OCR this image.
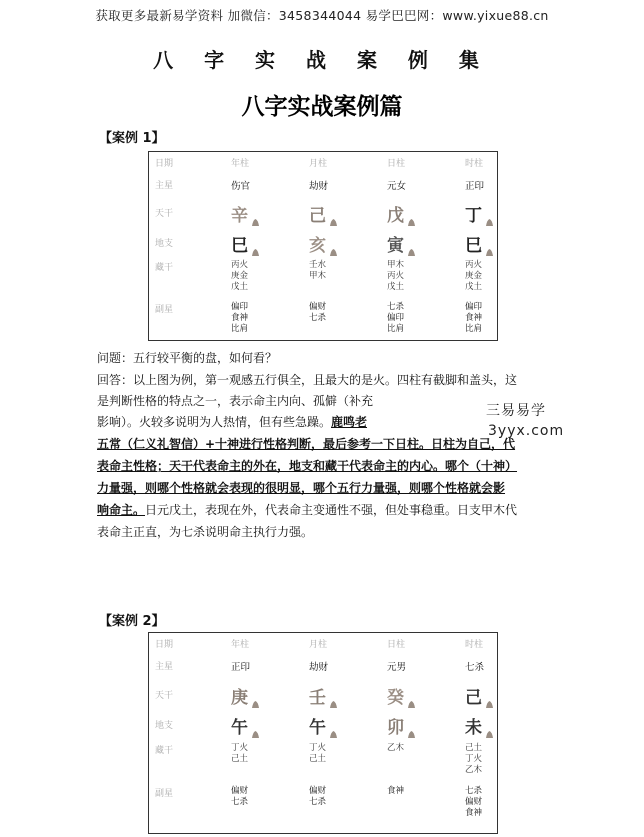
获取更多最新易学资料 加微信：3458344044 易学巴巴网：www.yixue88.cn
八 字 实 战 案 例 集
八字实战案例篇
【案例 1】
日期
主星
天干
地支
藏干
副星
年柱
伤官
辛
巳
丙火
庚金
戊土
偏印
食神
比肩
月柱
劫财
己
亥
壬水
甲木
偏财
七杀
日柱
元女
戊
寅
甲木
丙火
戊土
七杀
偏印
比肩
时柱
正印
丁
巳
丙火
庚金
戊土
偏印
食神
比肩
问题：五行较平衡的盘，如何看？
回答：以上图为例，第一观感五行俱全，且最大的是火。四柱有截脚和盖头，这
是判断性格的特点之一，表示命主内向、孤僻（补充
影响）。火较多说明为人热情，但有些急躁。鹿鸣老
五常（仁义礼智信）+十神进行性格判断，最后参考一下日柱。日柱为自己，代
表命主性格；天干代表命主的外在，地支和藏干代表命主的内心。哪个（十神）
力量强，则哪个性格就会表现的很明显，哪个五行力量强，则哪个性格就会影
响命主。日元戊土，表现在外，代表命主变通性不强，但处事稳重。日支甲木代
表命主正直，为七杀说明命主执行力强。
三易易学
3yyx.com
【案例 2】
日期
主星
天干
地支
藏干
副星
年柱
正印
庚
午
丁火
己土
偏财
七杀
月柱
劫财
壬
午
丁火
己土
偏财
七杀
日柱
元男
癸
卯
乙木
食神
时柱
七杀
己
未
己土
丁火
乙木
七杀
偏财
食神
